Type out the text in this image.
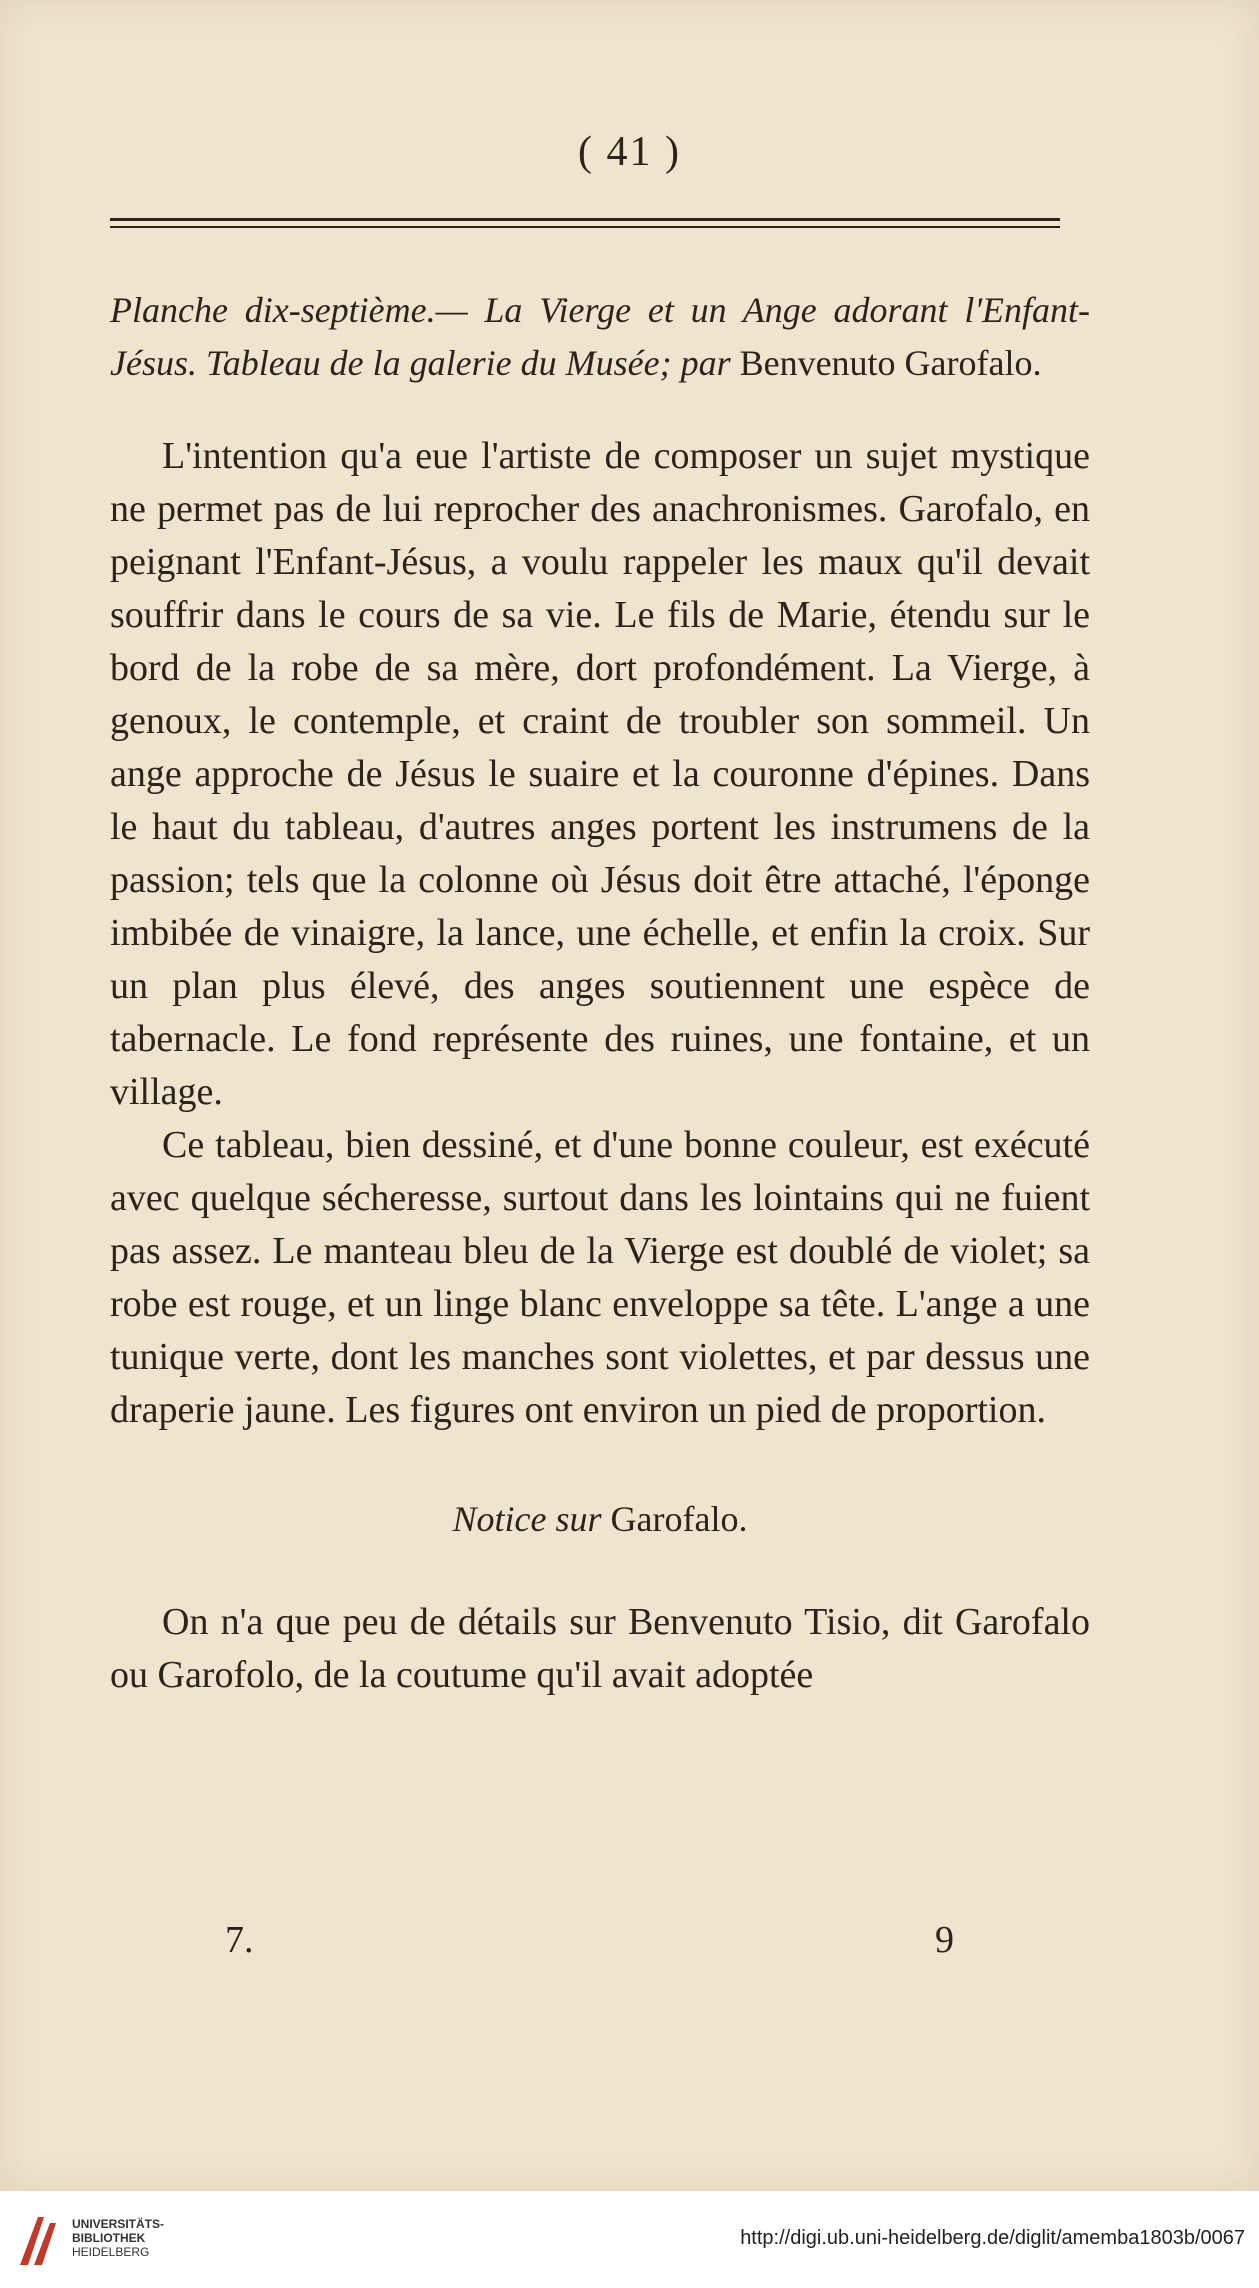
( 41 )

Planche dix-septième.— La Vierge et un Ange adorant l'Enfant-Jésus. Tableau de la galerie du Musée; par Benvenuto Garofalo.

L'intention qu'a eue l'artiste de composer un sujet mystique ne permet pas de lui reprocher des anachronismes. Garofalo, en peignant l'Enfant-Jésus, a voulu rappeler les maux qu'il devait souffrir dans le cours de sa vie. Le fils de Marie, étendu sur le bord de la robe de sa mère, dort profondément. La Vierge, à genoux, le contemple, et craint de troubler son sommeil. Un ange approche de Jésus le suaire et la couronne d'épines. Dans le haut du tableau, d'autres anges portent les instrumens de la passion; tels que la colonne où Jésus doit être attaché, l'éponge imbibée de vinaigre, la lance, une échelle, et enfin la croix. Sur un plan plus élevé, des anges soutiennent une espèce de tabernacle. Le fond représente des ruines, une fontaine, et un village.

Ce tableau, bien dessiné, et d'une bonne couleur, est exécuté avec quelque sécheresse, surtout dans les lointains qui ne fuient pas assez. Le manteau bleu de la Vierge est doublé de violet; sa robe est rouge, et un linge blanc enveloppe sa tête. L'ange a une tunique verte, dont les manches sont violettes, et par dessus une draperie jaune. Les figures ont environ un pied de proportion.

Notice sur Garofalo.

On n'a que peu de détails sur Benvenuto Tisio, dit Garofalo ou Garofolo, de la coutume qu'il avait adoptée

7.	9
UNIVERSITÄTS-
BIBLIOTHEK
HEIDELBERG
http://digi.ub.uni-heidelberg.de/diglit/amemba1803b/0067
